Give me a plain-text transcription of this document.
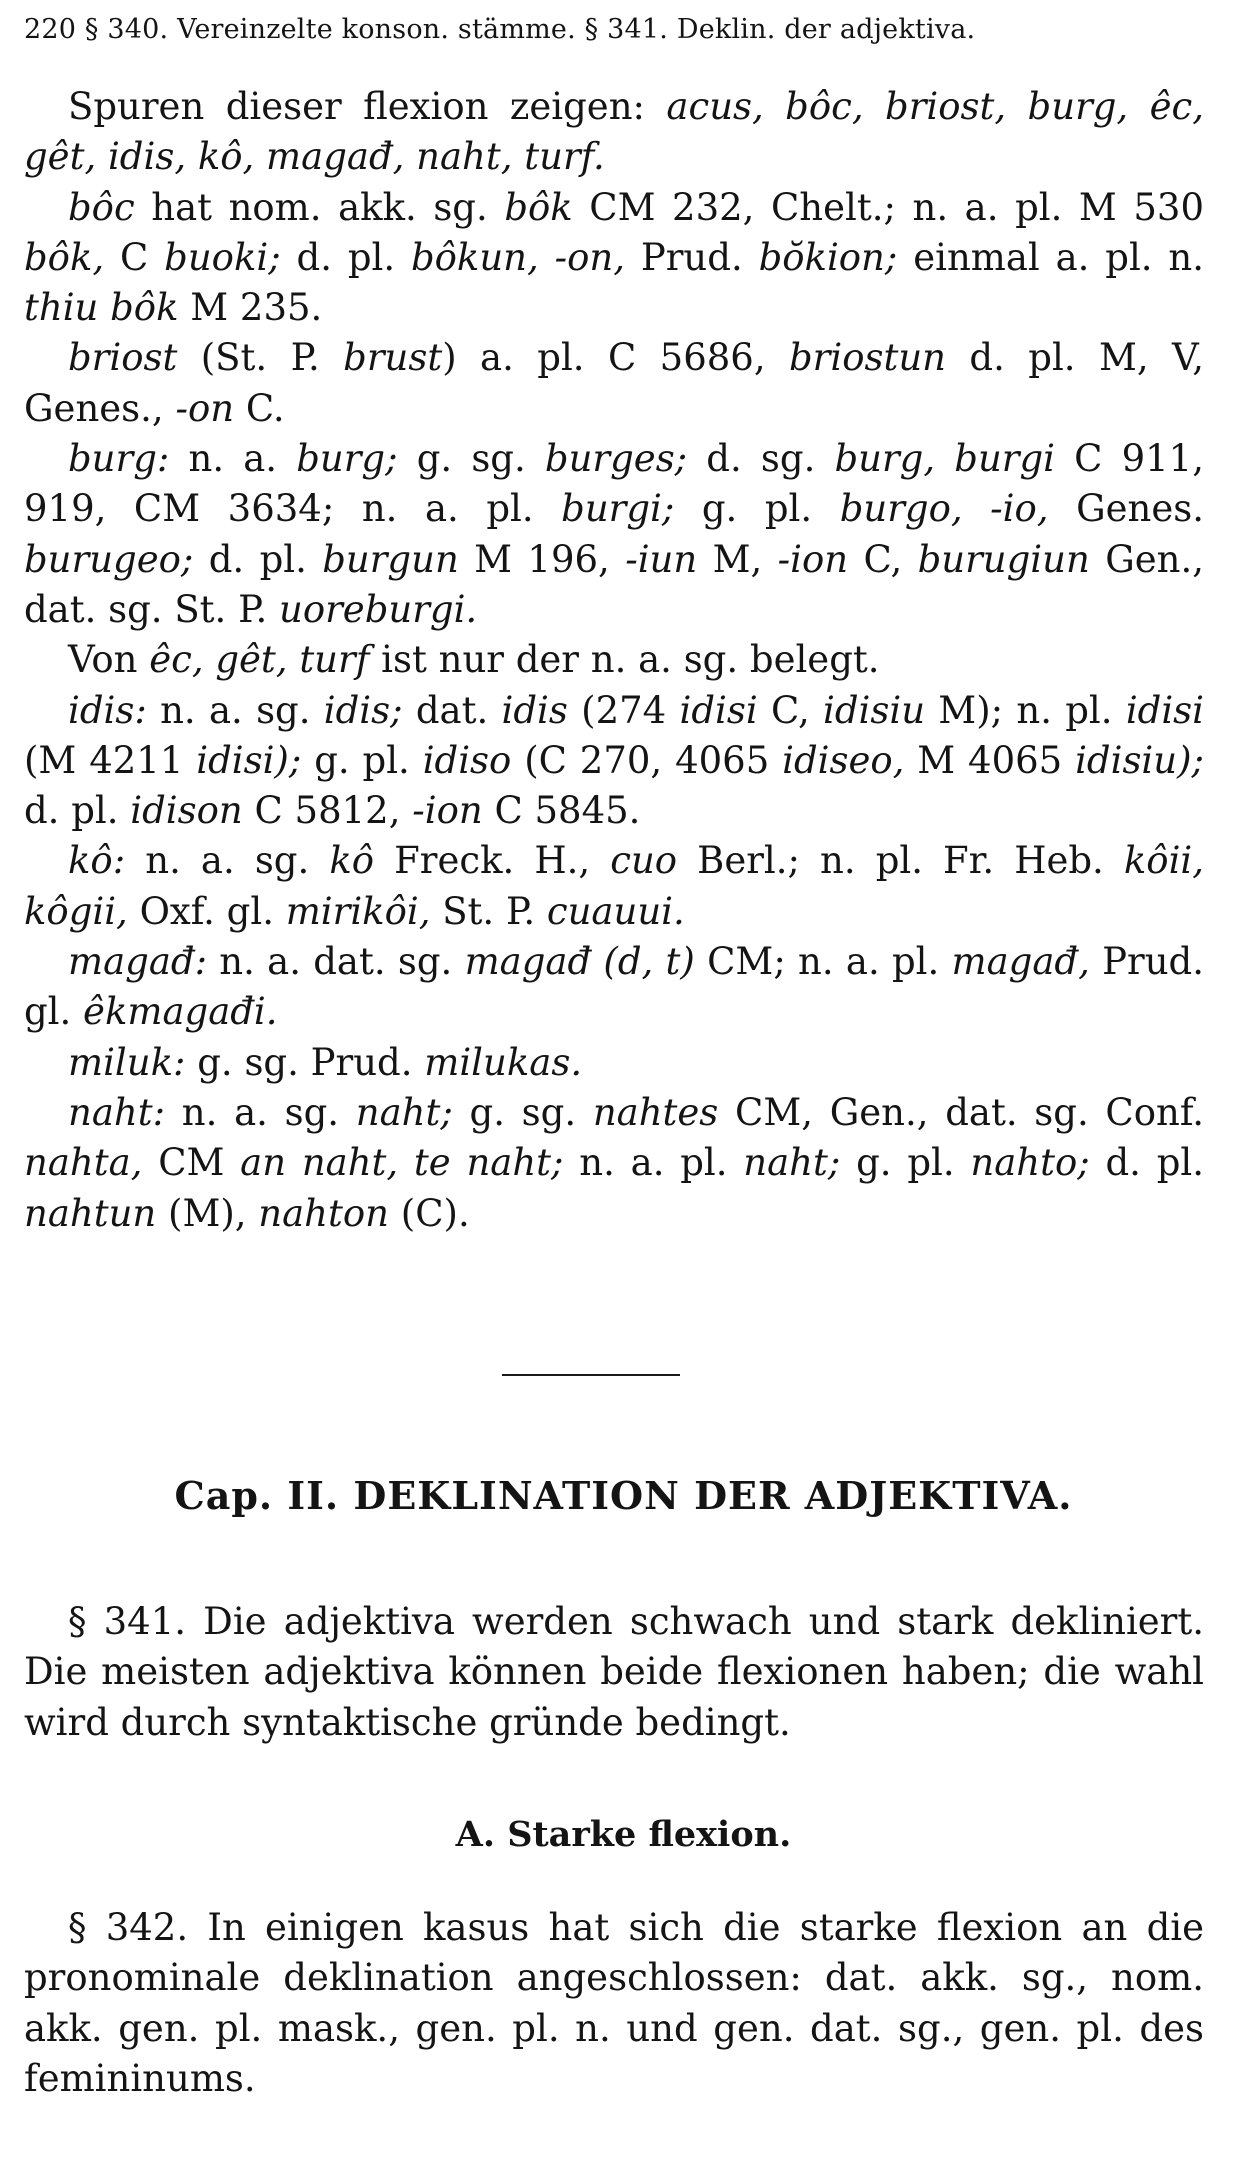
220 § 340. Vereinzelte konson. stämme. § 341. Deklin. der adjektiva.

Spuren dieser flexion zeigen: acus, bôc, briost, burg, êc, gêt, idis, kô, magađ, naht, turf.

bôc hat nom. akk. sg. bôk CM 232, Chelt.; n. a. pl. M 530 bôk, C buoki; d. pl. bôkun, -on, Prud. bŏkion; einmal a. pl. n. thiu bôk M 235.

briost (St. P. brust) a. pl. C 5686, briostun d. pl. M, V, Genes., -on C.

burg: n. a. burg; g. sg. burges; d. sg. burg, burgi C 911, 919, CM 3634; n. a. pl. burgi; g. pl. burgo, -io, Genes. burugeo; d. pl. burgun M 196, -iun M, -ion C, burugiun Gen., dat. sg. St. P. uoreburgi.

Von êc, gêt, turf ist nur der n. a. sg. belegt.

idis: n. a. sg. idis; dat. idis (274 idisi C, idisiu M); n. pl. idisi (M 4211 idisi); g. pl. idiso (C 270, 4065 idiseo, M 4065 idisiu); d. pl. idison C 5812, -ion C 5845.

kô: n. a. sg. kô Freck. H., cuo Berl.; n. pl. Fr. Heb. kôii, kôgii, Oxf. gl. mirikôi, St. P. cuauui.

magađ: n. a. dat. sg. magađ (d, t) CM; n. a. pl. magađ, Prud. gl. êkmagađi.

miluk: g. sg. Prud. milukas.

naht: n. a. sg. naht; g. sg. nahtes CM, Gen., dat. sg. Conf. nahta, CM an naht, te naht; n. a. pl. naht; g. pl. nahto; d. pl. nahtun (M), nahton (C).

Cap. II. DEKLINATION DER ADJEKTIVA.

§ 341. Die adjektiva werden schwach und stark dekliniert. Die meisten adjektiva können beide flexionen haben; die wahl wird durch syntaktische gründe bedingt.

A. Starke flexion.

§ 342. In einigen kasus hat sich die starke flexion an die pronominale deklination angeschlossen: dat. akk. sg., nom. akk. gen. pl. mask., gen. pl. n. und gen. dat. sg., gen. pl. des femininums.
